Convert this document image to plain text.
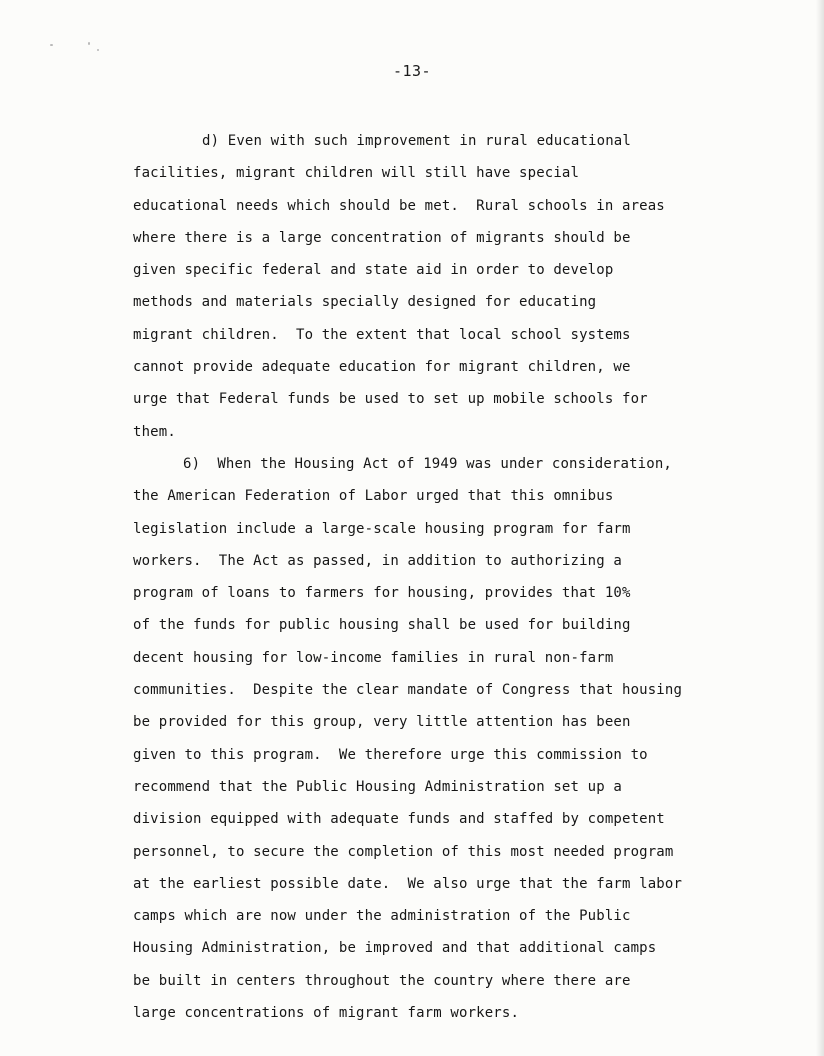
-13-
d) Even with such improvement in rural educational
facilities, migrant children will still have special
educational needs which should be met.  Rural schools in areas
where there is a large concentration of migrants should be
given specific federal and state aid in order to develop
methods and materials specially designed for educating
migrant children.  To the extent that local school systems
cannot provide adequate education for migrant children, we
urge that Federal funds be used to set up mobile schools for
them.
6)  When the Housing Act of 1949 was under consideration,
the American Federation of Labor urged that this omnibus
legislation include a large-scale housing program for farm
workers.  The Act as passed, in addition to authorizing a
program of loans to farmers for housing, provides that 10%
of the funds for public housing shall be used for building
decent housing for low-income families in rural non-farm
communities.  Despite the clear mandate of Congress that housing
be provided for this group, very little attention has been
given to this program.  We therefore urge this commission to
recommend that the Public Housing Administration set up a
division equipped with adequate funds and staffed by competent
personnel, to secure the completion of this most needed program
at the earliest possible date.  We also urge that the farm labor
camps which are now under the administration of the Public
Housing Administration, be improved and that additional camps
be built in centers throughout the country where there are
large concentrations of migrant farm workers.
